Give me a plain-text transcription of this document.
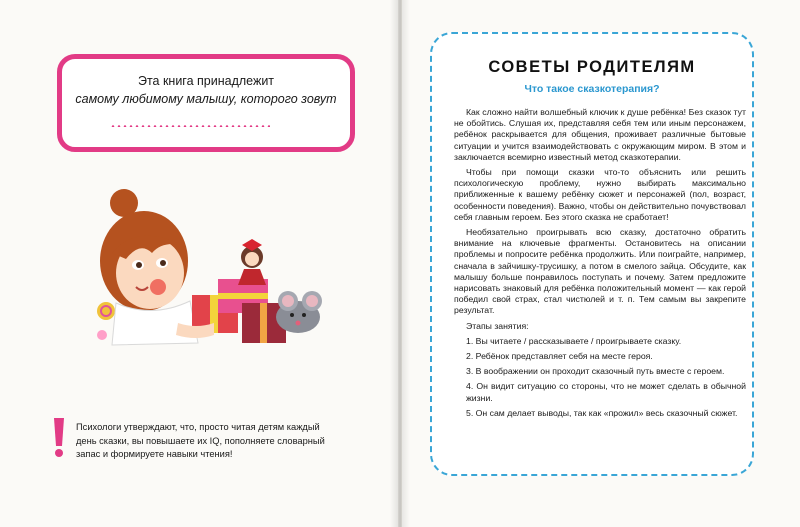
Эта книга принадлежит
самому любимому малышу, которого зовут
Психологи утверждают, что, просто читая детям каждый
день сказки, вы повышаете их IQ, пополняете словарный
запас и формируете навыки чтения!
СОВЕТЫ РОДИТЕЛЯМ
Что такое сказкотерапия?

Как сложно найти волшебный ключик к душе ребёнка! Без сказок тут не обойтись. Слушая их, представляя себя тем или иным персонажем, ребёнок раскрывается для общения, проживает различные бытовые ситуации и учится взаимодействовать с окружающим миром. В этом и заключается всемирно известный метод сказкотерапии.

Чтобы при помощи сказки что-то объяснить или решить психологическую проблему, нужно выбирать максимально приближенные к вашему ребёнку сюжет и персонажей (пол, возраст, особенности поведения). Важно, чтобы он действительно почувствовал себя главным героем. Без этого сказка не сработает!

Необязательно проигрывать всю сказку, достаточно обратить внимание на ключевые фрагменты. Остановитесь на описании проблемы и попросите ребёнка продолжить. Или поиграйте, например, сначала в зайчишку-трусишку, а потом в смелого зайца. Обсудите, как малышу больше понравилось поступать и почему. Затем предложите нарисовать знаковый для ребёнка положительный момент — как герой победил свой страх, стал чистюлей и т. п. Тем самым вы закрепите результат.

Этапы занятия:

1. Вы читаете / рассказываете / проигрываете сказку.

2. Ребёнок представляет себя на месте героя.

3. В воображении он проходит сказочный путь вместе с героем.

4. Он видит ситуацию со стороны, что не может сделать в обычной жизни.

5. Он сам делает выводы, так как «прожил» весь сказочный сюжет.
